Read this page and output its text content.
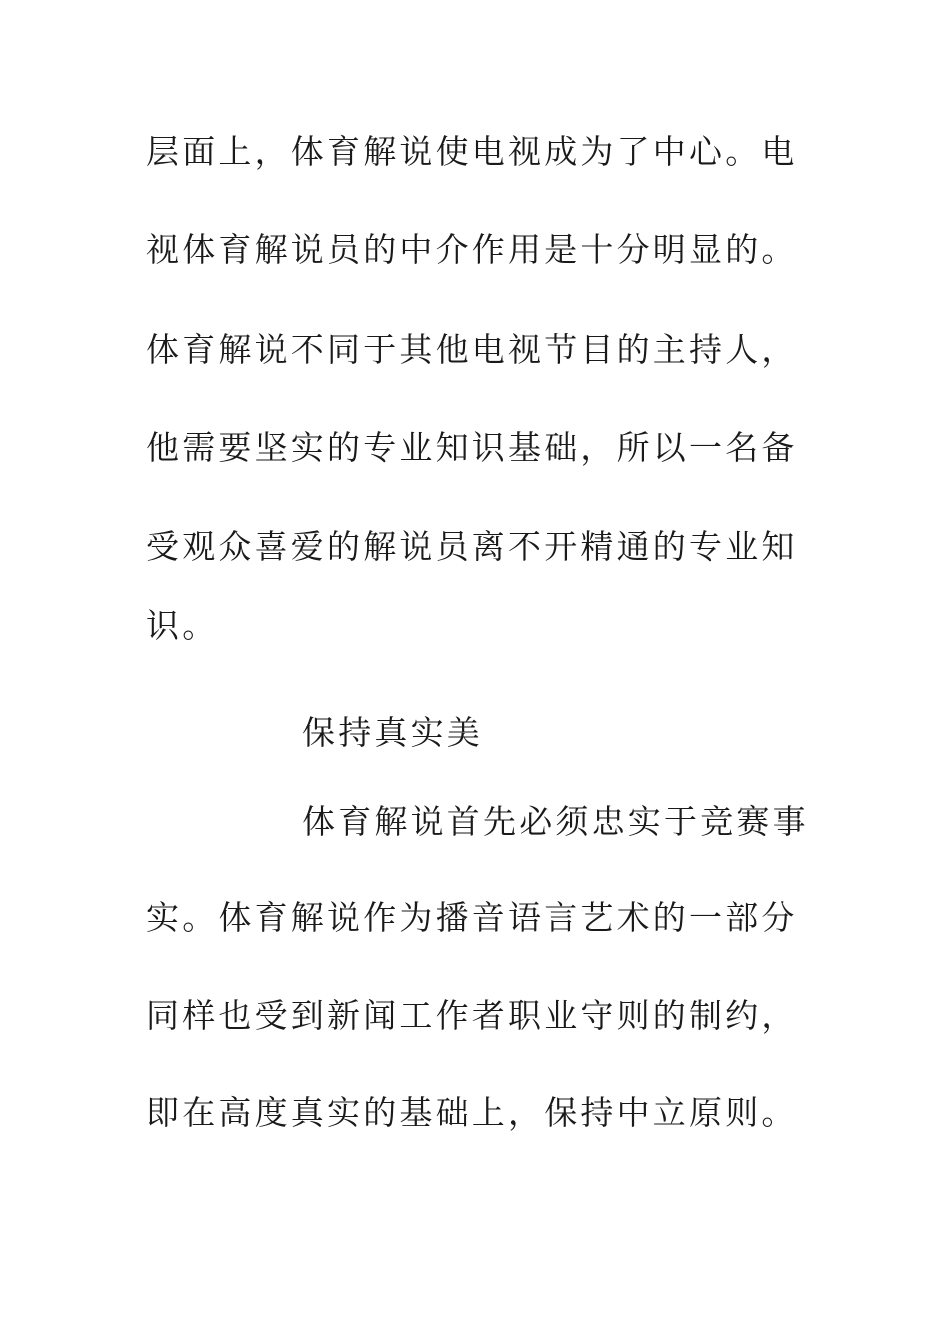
层面上，体育解说使电视成为了中心。电
视体育解说员的中介作用是十分明显的。
体育解说不同于其他电视节目的主持人，
他需要坚实的专业知识基础，所以一名备
受观众喜爱的解说员离不开精通的专业知
识。
保持真实美
体育解说首先必须忠实于竞赛事
实。体育解说作为播音语言艺术的一部分
同样也受到新闻工作者职业守则的制约，
即在高度真实的基础上，保持中立原则。
